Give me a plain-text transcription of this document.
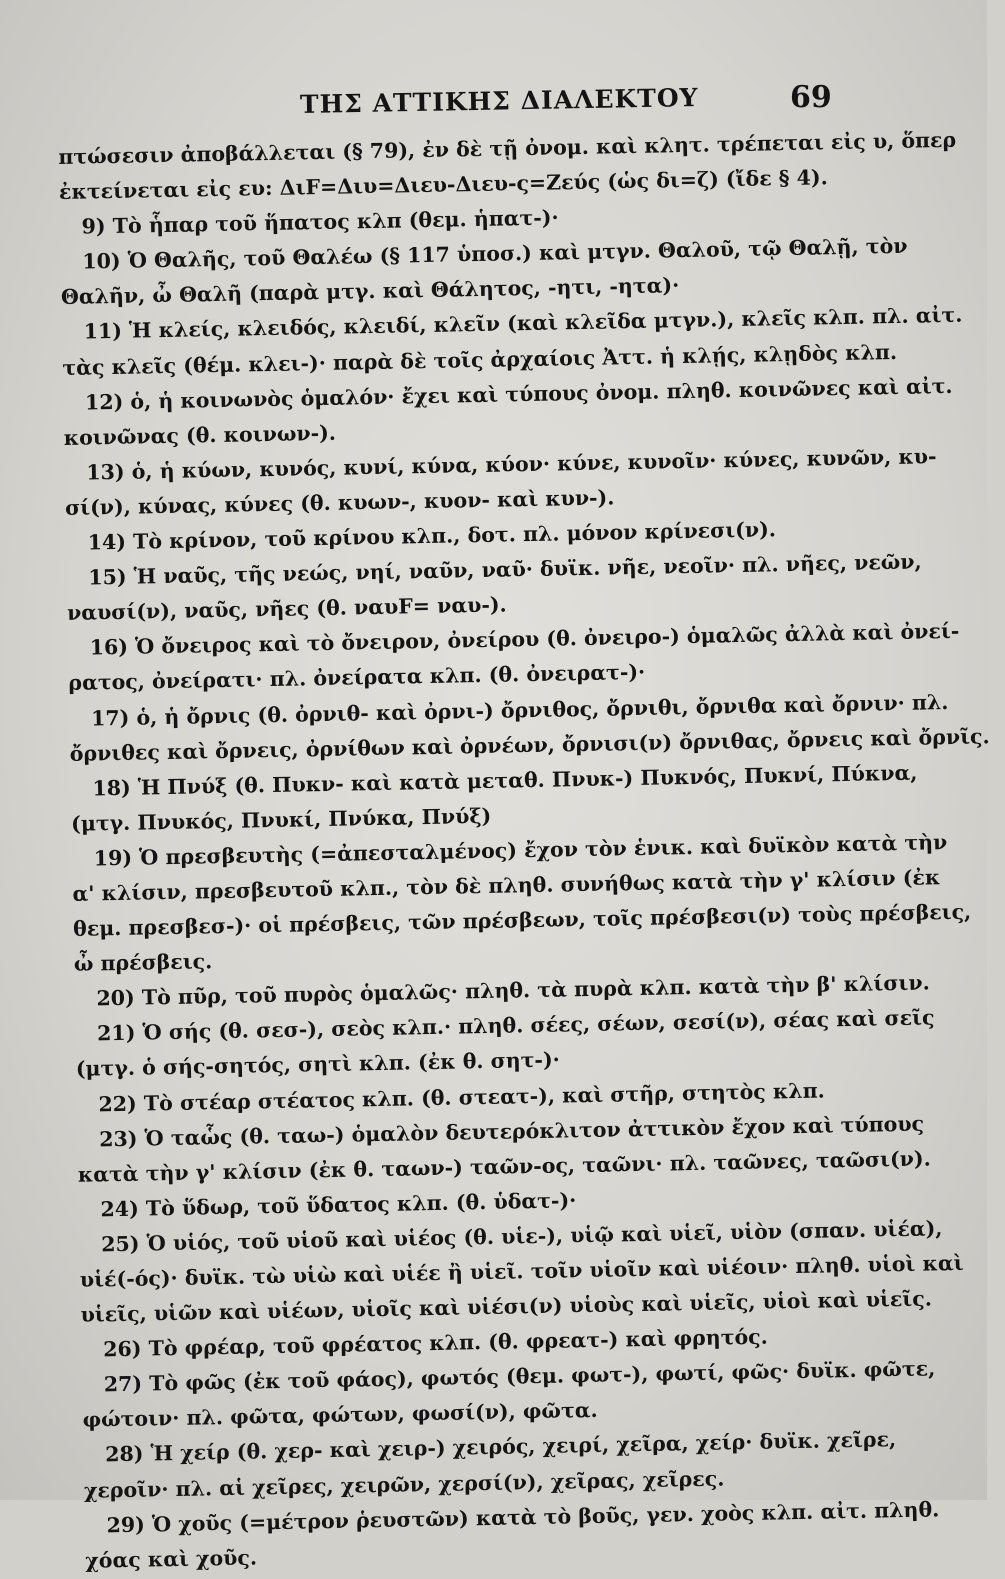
ΤΗΣ ΑΤΤΙΚΗΣ ΔΙΑΛΕΚΤΟΥ	69
πτώσεσιν ἀποβάλλεται (§ 79), ἐν δὲ τῇ ὀνομ. καὶ κλητ. τρέπεται εἰς υ, ὅπερ
ἐκτείνεται εἰς ευ: ΔιF=Διυ=Διευ-Διευ-ς=Ζεύς (ὡς δι=ζ) (ἴδε § 4).
9) Τὸ ἧπαρ τοῦ ἥπατος κλπ (θεμ. ἡπατ-)·
10) Ὁ Θαλῆς, τοῦ Θαλέω (§ 117 ὑποσ.) καὶ μτγν. Θαλοῦ, τῷ Θαλῇ, τὸν
Θαλῆν, ὦ Θαλῆ (παρὰ μτγ. καὶ Θάλητος, -ητι, -ητα)·
11) Ἡ κλείς, κλειδός, κλειδί, κλεῖν (καὶ κλεῖδα μτγν.), κλεῖς κλπ. πλ. αἰτ.
τὰς κλεῖς (θέμ. κλει-)· παρὰ δὲ τοῖς ἀρχαίοις Ἀττ. ἡ κλῄς, κλῃδὸς κλπ.
12) ὁ, ἡ κοινωνὸς ὁμαλόν· ἔχει καὶ τύπους ὀνομ. πληθ. κοινῶνες καὶ αἰτ.
κοινῶνας (θ. κοινων-).
13) ὁ, ἡ κύων, κυνός, κυνί, κύνα, κύον· κύνε, κυνοῖν· κύνες, κυνῶν, κυ-
σί(ν), κύνας, κύνες (θ. κυων-, κυον- καὶ κυν-).
14) Τὸ κρίνον, τοῦ κρίνου κλπ., δοτ. πλ. μόνον κρίνεσι(ν).
15) Ἡ ναῦς, τῆς νεώς, νηί, ναῦν, ναῦ· δυϊκ. νῆε, νεοῖν· πλ. νῆες, νεῶν,
ναυσί(ν), ναῦς, νῆες (θ. ναυF= ναυ-).
16) Ὁ ὄνειρος καὶ τὸ ὄνειρον, ὀνείρου (θ. ὀνειρο-) ὁμαλῶς ἀλλὰ καὶ ὀνεί-
ρατος, ὀνείρατι· πλ. ὀνείρατα κλπ. (θ. ὀνειρατ-)·
17) ὁ, ἡ ὄρνις (θ. ὀρνιθ- καὶ ὀρνι-) ὄρνιθος, ὄρνιθι, ὄρνιθα καὶ ὄρνιν· πλ.
ὄρνιθες καὶ ὄρνεις, ὀρνίθων καὶ ὀρνέων, ὄρνισι(ν) ὄρνιθας, ὄρνεις καὶ ὄρνῖς.
18) Ἡ Πνύξ (θ. Πυκν- καὶ κατὰ μεταθ. Πνυκ-) Πυκνός, Πυκνί, Πύκνα,
(μτγ. Πνυκός, Πνυκί, Πνύκα, Πνύξ)
19) Ὁ πρεσβευτὴς (=ἀπεσταλμένος) ἔχον τὸν ἑνικ. καὶ δυϊκὸν κατὰ τὴν
α' κλίσιν, πρεσβευτοῦ κλπ., τὸν δὲ πληθ. συνήθως κατὰ τὴν γ' κλίσιν (ἐκ
θεμ. πρεσβεσ-)· οἱ πρέσβεις, τῶν πρέσβεων, τοῖς πρέσβεσι(ν) τοὺς πρέσβεις,
ὦ πρέσβεις.
20) Τὸ πῦρ, τοῦ πυρὸς ὁμαλῶς· πληθ. τὰ πυρὰ κλπ. κατὰ τὴν β' κλίσιν.
21) Ὁ σής (θ. σεσ-), σεὸς κλπ.· πληθ. σέες, σέων, σεσί(ν), σέας καὶ σεῖς
(μτγ. ὁ σής-σητός, σητὶ κλπ. (ἐκ θ. σητ-)·
22) Τὸ στέαρ στέατος κλπ. (θ. στεατ-), καὶ στῆρ, στητὸς κλπ.
23) Ὁ ταὧς (θ. ταω-) ὁμαλὸν δευτερόκλιτον ἀττικὸν ἔχον καὶ τύπους
κατὰ τὴν γ' κλίσιν (ἐκ θ. ταων-) ταῶν-ος, ταῶνι· πλ. ταῶνες, ταῶσι(ν).
24) Τὸ ὕδωρ, τοῦ ὕδατος κλπ. (θ. ὑδατ-)·
25) Ὁ υἱός, τοῦ υἱοῦ καὶ υἱέος (θ. υἱε-), υἱῷ καὶ υἱεῖ, υἱὸν (σπαν. υἱέα),
υἱέ(-ός)· δυϊκ. τὼ υἱὼ καὶ υἱέε ἢ υἱεῖ. τοῖν υἱοῖν καὶ υἱέοιν· πληθ. υἱοὶ καὶ
υἱεῖς, υἱῶν καὶ υἱέων, υἱοῖς καὶ υἱέσι(ν) υἱοὺς καὶ υἱεῖς, υἱοὶ καὶ υἱεῖς.
26) Τὸ φρέαρ, τοῦ φρέατος κλπ. (θ. φρεατ-) καὶ φρητός.
27) Τὸ φῶς (ἐκ τοῦ φάος), φωτός (θεμ. φωτ-), φωτί, φῶς· δυϊκ. φῶτε,
φώτοιν· πλ. φῶτα, φώτων, φωσί(ν), φῶτα.
28) Ἡ χείρ (θ. χερ- καὶ χειρ-) χειρός, χειρί, χεῖρα, χείρ· δυϊκ. χεῖρε,
χεροῖν· πλ. αἱ χεῖρες, χειρῶν, χερσί(ν), χεῖρας, χεῖρες.
29) Ὁ χοῦς (=μέτρον ῥευστῶν) κατὰ τὸ βοῦς, γεν. χοὸς κλπ. αἰτ. πληθ.
χόας καὶ χοῦς.
